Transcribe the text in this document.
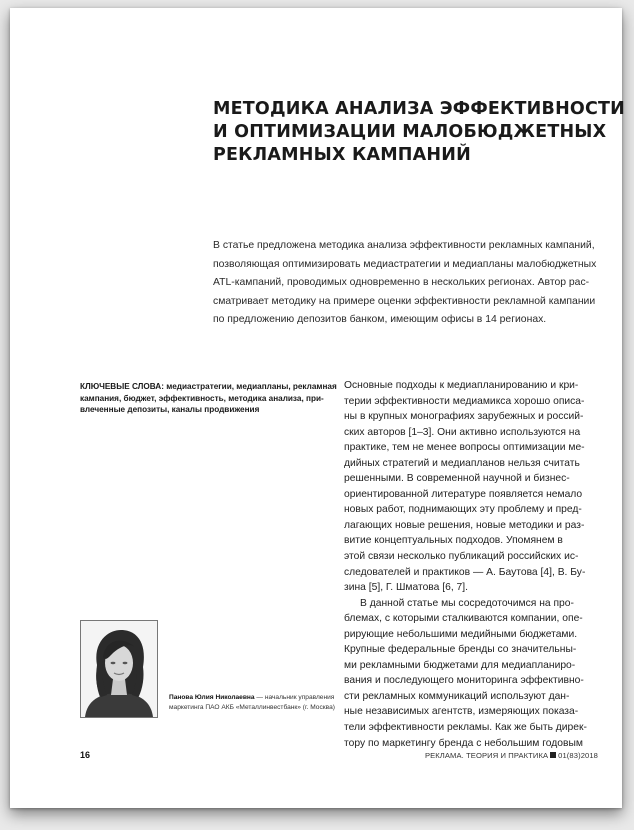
МЕТОДИКА АНАЛИЗА ЭФФЕКТИВНОСТИ
И ОПТИМИЗАЦИИ МАЛОБЮДЖЕТНЫХ
РЕКЛАМНЫХ КАМПАНИЙ
В статье предложена методика анализа эффективности рекламных кампаний,
позволяющая оптимизировать медиастратегии и медиапланы малобюджетных
ATL-кампаний, проводимых одновременно в нескольких регионах. Автор рас-
сматривает методику на примере оценки эффективности рекламной кампании
по предложению депозитов банком, имеющим офисы в 14 регионах.
КЛЮЧЕВЫЕ СЛОВА: медиастратегии, медиапланы, рекламная
кампания, бюджет, эффективность, методика анализа, при-
влеченные депозиты, каналы продвижения
Основные подходы к медиапланированию и кри-
терии эффективности медиамикса хорошо описа-
ны в крупных монографиях зарубежных и россий-
ских авторов [1–3]. Они активно используются на
практике, тем не менее вопросы оптимизации ме-
дийных стратегий и медиапланов нельзя считать
решенными. В современной научной и бизнес-
ориентированной литературе появляется немало
новых работ, поднимающих эту проблему и пред-
лагающих новые решения, новые методики и раз-
витие концептуальных подходов. Упомянем в
этой связи несколько публикаций российских ис-
следователей и практиков — А. Баутова [4], В. Бу-
зина [5], Г. Шматова [6, 7].
В данной статье мы сосредоточимся на про-
блемах, с которыми сталкиваются компании, опе-
рирующие небольшими медийными бюджетами.
Крупные федеральные бренды со значительны-
ми рекламными бюджетами для медиапланиро-
вания и последующего мониторинга эффективно-
сти рекламных коммуникаций используют дан-
ные независимых агентств, измеряющих показа-
тели эффективности рекламы. Как же быть дирек-
тору по маркетингу бренда с небольшим годовым
Панова Юлия Николаевна — начальник управления
маркетинга ПАО АКБ «Металлинвестбанк» (г. Москва)
16	РЕКЛАМА. ТЕОРИЯ И ПРАКТИКА 01(83)2018
